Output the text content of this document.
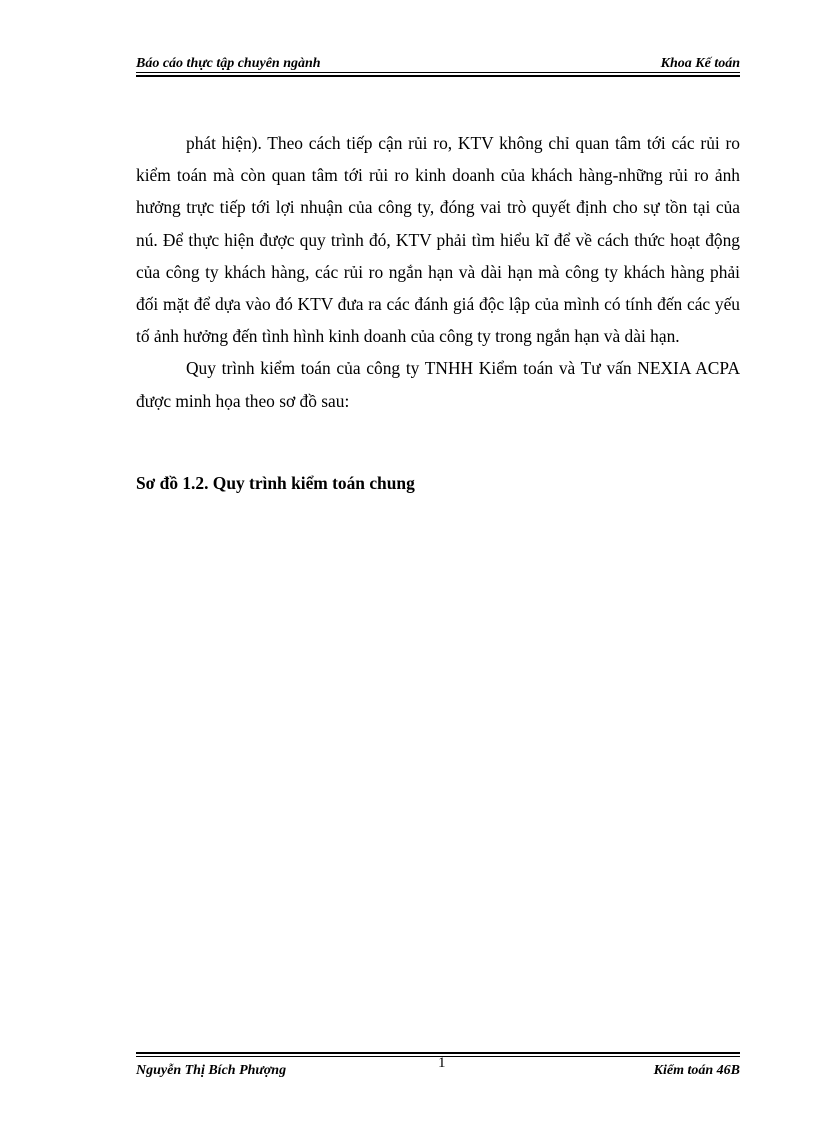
Báo cáo thực tập chuyên ngành	Khoa Kế toán

phát hiện). Theo cách tiếp cận rủi ro, KTV không chỉ quan tâm tới các rủi ro kiểm toán mà còn quan tâm tới rủi ro kinh doanh của khách hàng-những rủi ro ảnh hưởng trực tiếp tới lợi nhuận của công ty, đóng vai trò quyết định cho sự tồn tại của nú. Để thực hiện được quy trình đó, KTV phải tìm hiểu kĩ để về cách thức hoạt động của công ty khách hàng, các rủi ro ngắn hạn và dài hạn mà công ty khách hàng phải đối mặt để dựa vào đó KTV đưa ra các đánh giá độc lập của mình có tính đến các yếu tố ảnh hưởng đến tình hình kinh doanh của công ty trong ngắn hạn và dài hạn.

Quy trình kiểm toán của công ty TNHH Kiểm toán và Tư vấn NEXIA ACPA được minh họa theo sơ đồ sau:

Sơ đồ 1.2. Quy trình kiểm toán chung
Nguyễn Thị Bích Phượng	1	Kiểm toán 46B
